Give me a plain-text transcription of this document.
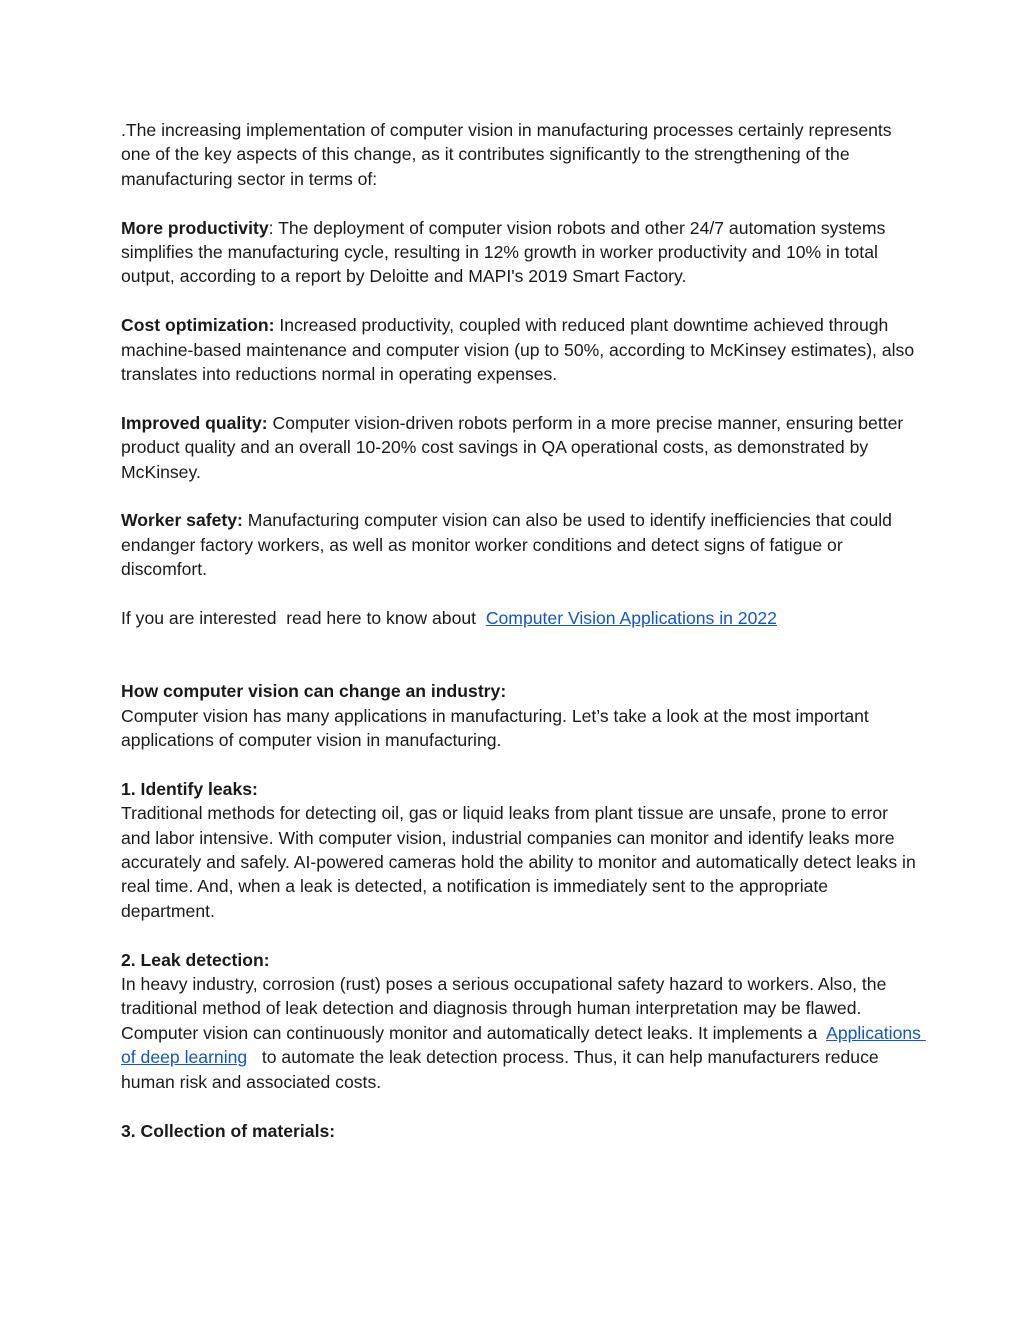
.The increasing implementation of computer vision in manufacturing processes certainly represents one of the key aspects of this change, as it contributes significantly to the strengthening of the manufacturing sector in terms of:

More productivity: The deployment of computer vision robots and other 24/7 automation systems simplifies the manufacturing cycle, resulting in 12% growth in worker productivity and 10% in total output, according to a report by Deloitte and MAPI's 2019 Smart Factory.

Cost optimization: Increased productivity, coupled with reduced plant downtime achieved through machine-based maintenance and computer vision (up to 50%, according to McKinsey estimates), also translates into reductions normal in operating expenses.

Improved quality: Computer vision-driven robots perform in a more precise manner, ensuring better product quality and an overall 10-20% cost savings in QA operational costs, as demonstrated by McKinsey.

Worker safety: Manufacturing computer vision can also be used to identify inefficiencies that could endanger factory workers, as well as monitor worker conditions and detect signs of fatigue or discomfort.

If you are interested  read here to know about  Computer Vision Applications in 2022

How computer vision can change an industry:

Computer vision has many applications in manufacturing. Let’s take a look at the most important applications of computer vision in manufacturing.

1. Identify leaks:

Traditional methods for detecting oil, gas or liquid leaks from plant tissue are unsafe, prone to error and labor intensive. With computer vision, industrial companies can monitor and identify leaks more accurately and safely. AI-powered cameras hold the ability to monitor and automatically detect leaks in real time. And, when a leak is detected, a notification is immediately sent to the appropriate department.

2. Leak detection:

In heavy industry, corrosion (rust) poses a serious occupational safety hazard to workers. Also, the traditional method of leak detection and diagnosis through human interpretation may be flawed. Computer vision can continuously monitor and automatically detect leaks. It implements a  Applications of deep learning   to automate the leak detection process. Thus, it can help manufacturers reduce human risk and associated costs.

3. Collection of materials:
